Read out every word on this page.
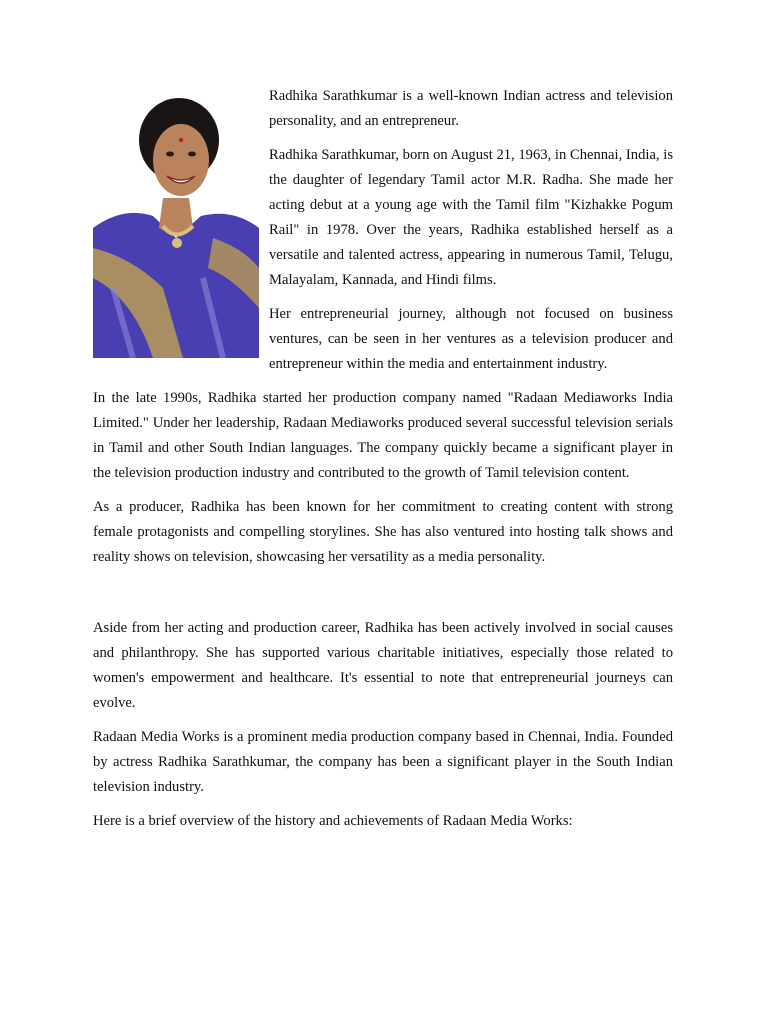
Radhika Sarathkumar is a well-known Indian actress and television personality, and an entrepreneur.

Radhika Sarathkumar, born on August 21, 1963, in Chennai, India, is the daughter of legendary Tamil actor M.R. Radha. She made her acting debut at a young age with the Tamil film "Kizhakke Pogum Rail" in 1978. Over the years, Radhika established herself as a versatile and talented actress, appearing in numerous Tamil, Telugu, Malayalam, Kannada, and Hindi films.

Her entrepreneurial journey, although not focused on business ventures, can be seen in her ventures as a television producer and entrepreneur within the media and entertainment industry.

In the late 1990s, Radhika started her production company named "Radaan Mediaworks India Limited." Under her leadership, Radaan Mediaworks produced several successful television serials in Tamil and other South Indian languages. The company quickly became a significant player in the television production industry and contributed to the growth of Tamil television content.

As a producer, Radhika has been known for her commitment to creating content with strong female protagonists and compelling storylines. She has also ventured into hosting talk shows and reality shows on television, showcasing her versatility as a media personality.

Aside from her acting and production career, Radhika has been actively involved in social causes and philanthropy. She has supported various charitable initiatives, especially those related to women's empowerment and healthcare. It's essential to note that entrepreneurial journeys can evolve.

Radaan Media Works is a prominent media production company based in Chennai, India. Founded by actress Radhika Sarathkumar, the company has been a significant player in the South Indian television industry.

Here is a brief overview of the history and achievements of Radaan Media Works:
